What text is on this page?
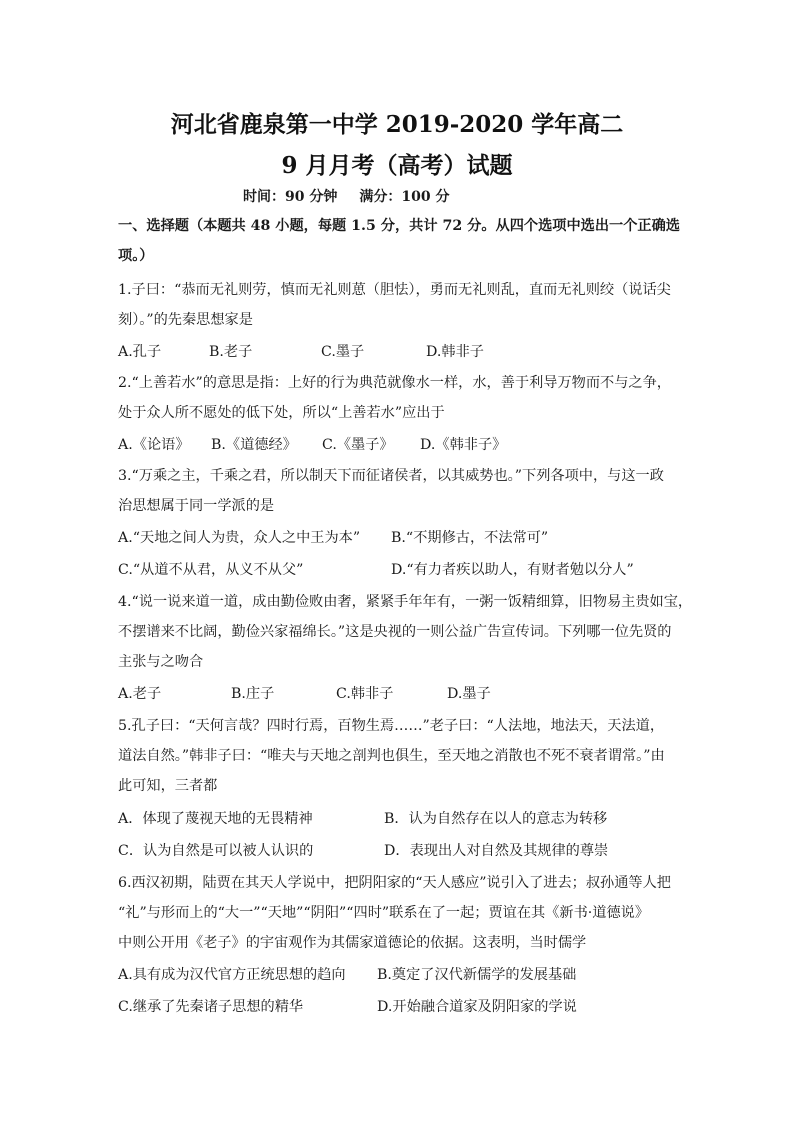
河北省鹿泉第一中学 2019-2020 学年高二
9 月月考（高考）试题
时间：90 分钟 满分：100 分
一、选择题（本题共 48 小题，每题 1.5 分，共计 72 分。从四个选项中选出一个正确选
项。）
1.子曰：“恭而无礼则劳，慎而无礼则葸（胆怯），勇而无礼则乱，直而无礼则绞（说话尖
刻）。”的先秦思想家是
A.孔子	B.老子	C.墨子	D.韩非子
2.“上善若水”的意思是指：上好的行为典范就像水一样，水，善于利导万物而不与之争，
处于众人所不愿处的低下处，所以“上善若水”应出于
A.《论语》 B.《道德经》 C.《墨子》 D.《韩非子》
3.“万乘之主，千乘之君，所以制天下而征诸侯者，以其威势也。”下列各项中，与这一政
治思想属于同一学派的是
A.“天地之间人为贵，众人之中王为本” B.“不期修古，不法常可”
C.“从道不从君，从义不从父”	D.“有力者疾以助人，有财者勉以分人”
4.“说一说来道一道，成由勤俭败由奢，紧紧手年年有，一粥一饭精细算，旧物易主贵如宝，
不摆谱来不比阔，勤俭兴家福绵长。”这是央视的一则公益广告宣传词。下列哪一位先贤的
主张与之吻合
A.老子	B.庄子	C.韩非子	D.墨子
5.孔子曰：“天何言哉？四时行焉，百物生焉……”老子曰：“人法地，地法天，天法道，
道法自然。”韩非子曰：“唯夫与天地之剖判也俱生，至天地之消散也不死不衰者谓常。”由
此可知，三者都
A．体现了蔑视天地的无畏精神	B．认为自然存在以人的意志为转移
C．认为自然是可以被人认识的	D．表现出人对自然及其规律的尊崇
6.西汉初期，陆贾在其天人学说中，把阴阳家的“天人感应”说引入了进去；叔孙通等人把
“礼”与形而上的“大一”“天地”“阴阳”“四时”联系在了一起；贾谊在其《新书·道德说》
中则公开用《老子》的宇宙观作为其儒家道德论的依据。这表明，当时儒学
A.具有成为汉代官方正统思想的趋向 B.奠定了汉代新儒学的发展基础
C.继承了先秦诸子思想的精华	D.开始融合道家及阴阳家的学说
